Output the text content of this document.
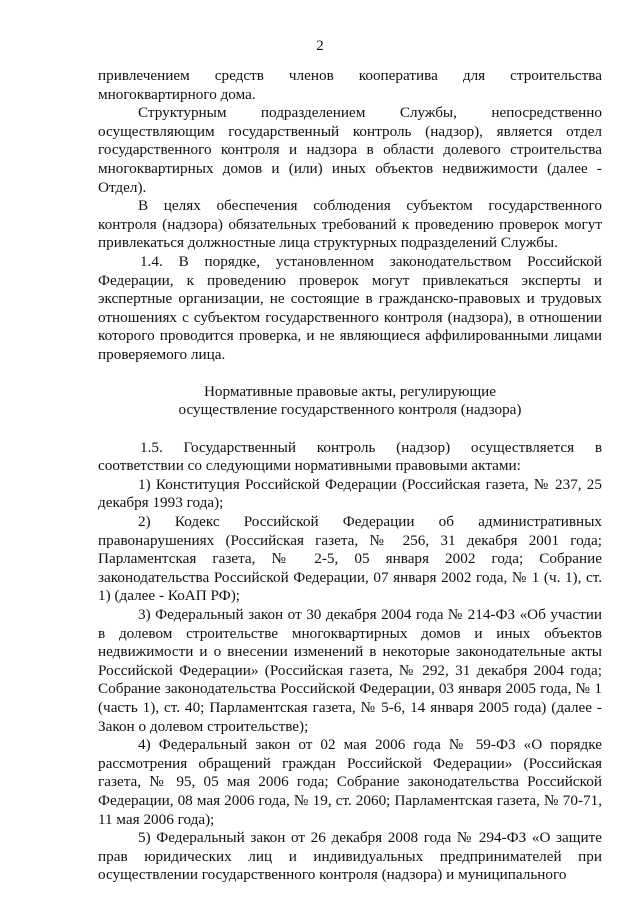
2

привлечением средств членов кооператива для строительства многоквартирного дома.

Структурным подразделением Службы, непосредственно осуществляющим государственный контроль (надзор), является отдел государственного контроля и надзора в области долевого строительства многоквартирных домов и (или) иных объектов недвижимости (далее - Отдел).

В целях обеспечения соблюдения субъектом государственного контроля (надзора) обязательных требований к проведению проверок могут привлекаться должностные лица структурных подразделений Службы.

1.4. В порядке, установленном законодательством Российской Федерации, к проведению проверок могут привлекаться эксперты и экспертные организации, не состоящие в гражданско-правовых и трудовых отношениях с субъектом государственного контроля (надзора), в отношении которого проводится проверка, и не являющиеся аффилированными лицами проверяемого лица.

Нормативные правовые акты, регулирующие

осуществление государственного контроля (надзора)

1.5. Государственный контроль (надзор) осуществляется в соответствии со следующими нормативными правовыми актами:

1) Конституция Российской Федерации (Российская газета, № 237, 25 декабря 1993 года);

2) Кодекс Российской Федерации об административных правонарушениях (Российская газета, № 256, 31 декабря 2001 года; Парламентская газета, № 2-5, 05 января 2002 года; Собрание законодательства Российской Федерации, 07 января 2002 года, № 1 (ч. 1), ст. 1) (далее - КоАП РФ);

3) Федеральный закон от 30 декабря 2004 года № 214-ФЗ «Об участии в долевом строительстве многоквартирных домов и иных объектов недвижимости и о внесении изменений в некоторые законодательные акты Российской Федерации» (Российская газета, № 292, 31 декабря 2004 года; Собрание законодательства Российской Федерации, 03 января 2005 года, № 1 (часть 1), ст. 40; Парламентская газета, № 5-6, 14 января 2005 года) (далее - Закон о долевом строительстве);

4) Федеральный закон от 02 мая 2006 года № 59-ФЗ «О порядке рассмотрения обращений граждан Российской Федерации» (Российская газета, № 95, 05 мая 2006 года; Собрание законодательства Российской Федерации, 08 мая 2006 года, № 19, ст. 2060; Парламентская газета, № 70-71, 11 мая 2006 года);

5) Федеральный закон от 26 декабря 2008 года № 294-ФЗ «О защите прав юридических лиц и индивидуальных предпринимателей при осуществлении государственного контроля (надзора) и муниципального
